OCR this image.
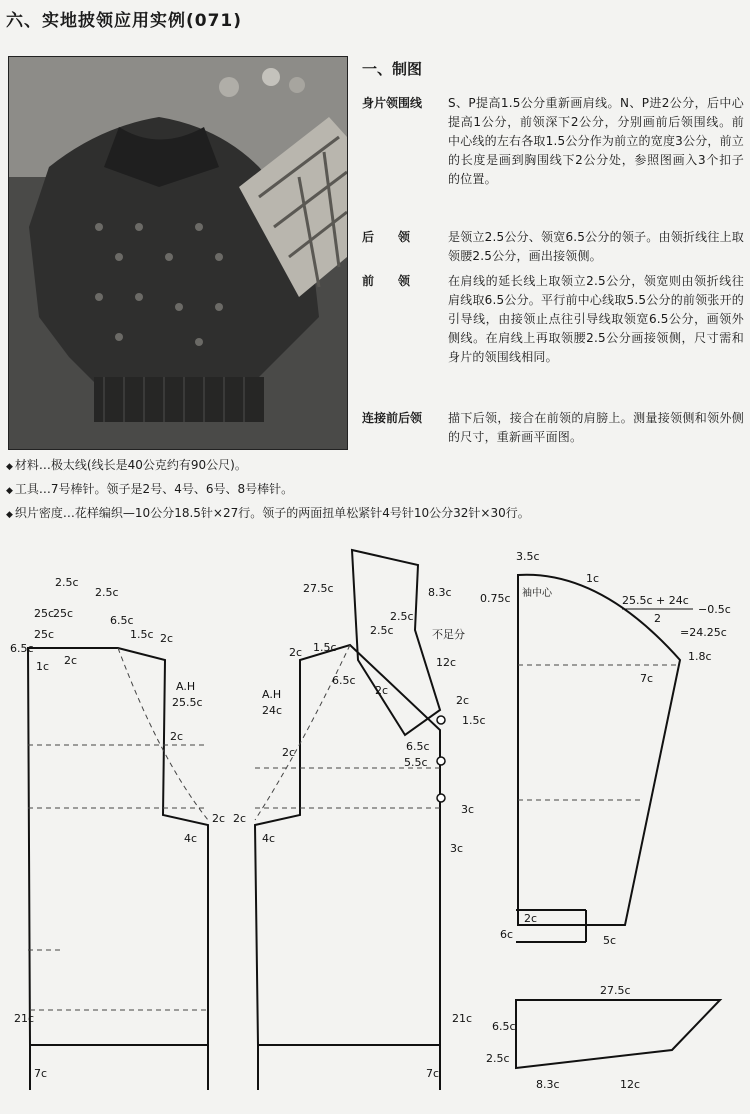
六、实地披领应用实例(071)
一、制图
身片领围线	S、P提高1.5公分重新画肩线。N、P进2公分，后中心提高1公分，前领深下2公分，分别画前后领围线。前中心线的左右各取1.5公分作为前立的宽度3公分，前立的长度是画到胸围线下2公分处，参照图画入3个扣子的位置。
后　　领	是领立2.5公分、领宽6.5公分的领子。由领折线往上取领腰2.5公分，画出接领侧。
前　　领	在肩线的延长线上取领立2.5公分，领宽则由领折线往肩线取6.5公分。平行前中心线取5.5公分的前领张开的引导线，由接领止点往引导线取领宽6.5公分，画领外侧线。在肩线上再取领腰2.5公分画接领侧，尺寸需和身片的领围线相同。
连接前后领	描下后领，接合在前领的肩膀上。测量接领侧和领外侧的尺寸，重新画平面图。
◆ 材料…极太线(线长是40公克约有90公尺)。
◆ 工具…7号棒针。领子是2号、4号、6号、8号棒针。
◆ 织片密度…花样编织—10公分18.5针×27行。领子的两面扭单松紧针4号针10公分32针×30行。
2.5c
2.5c
25c
25c
25c
6.5c
6.5c
1.5c 2c
1c 2c
A.H
25.5c
2c
2c
4c
21c
7c
27.5c	8.3c
2.5c
2.5c	不足分
2c 1.5c
6.5c
12c
2c
A.H
24c
2c
1.5c
6.5c
5.5c
2c
3c
3c
2c
4c
21c
7c
3.5c
0.75c 袖中心
1c
25.5c + 24c
2
−0.5c
=24.25c
1.8c
7c
2c
6c	5c
27.5c
6.5c
2.5c
8.3c	12c
